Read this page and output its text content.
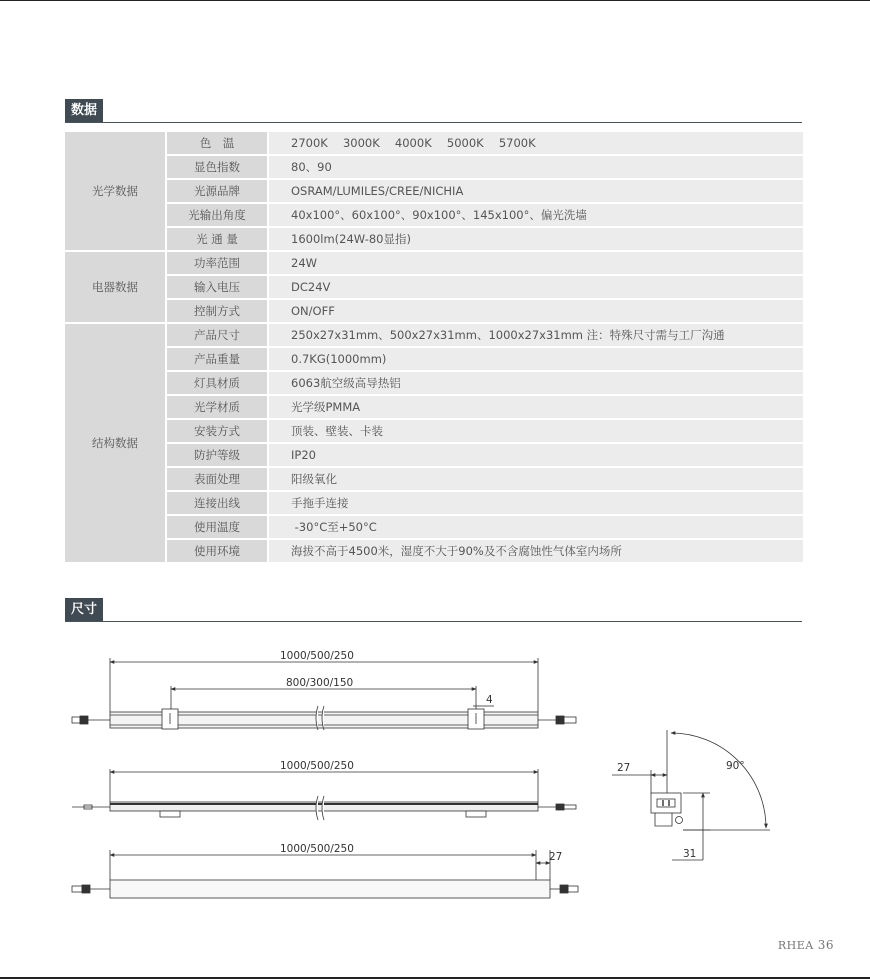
数据
光学数据	色　温	2700K　 3000K　 4000K　 5000K　 5700K
	显色指数	80、90
	光源品牌	OSRAM/LUMILES/CREE/NICHIA
	光输出角度	40x100°、60x100°、90x100°、145x100°、偏光洗墙
	光 通 量	1600lm(24W-80显指)
电器数据	功率范围	24W
	输入电压	DC24V
	控制方式	ON/OFF
结构数据	产品尺寸	250x27x31mm、500x27x31mm、1000x27x31mm 注：特殊尺寸需与工厂沟通
	产品重量	0.7KG(1000mm)
	灯具材质	6063航空级高导热铝
	光学材质	光学级PMMA
	安装方式	顶装、壁装、卡装
	防护等级	IP20
	表面处理	阳级氧化
	连接出线	手拖手连接
	使用温度	-30°C至+50°C
	使用环境	海拔不高于4500米，湿度不大于90%及不含腐蚀性气体室内场所
尺寸
1000/500/250
800/300/150
4
1000/500/250
1000/500/250
27
27
31
90°
RHEA 36
